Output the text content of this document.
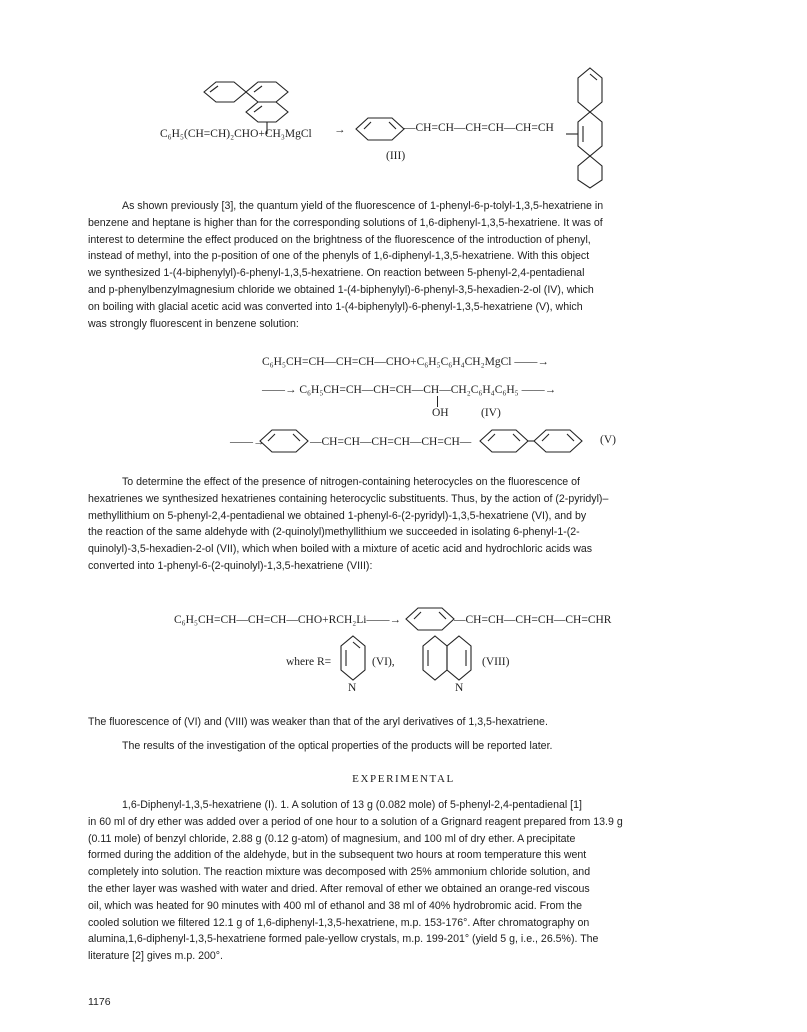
C₆H₅(CH=CH)₂CHO+CH₃MgCl →	—CH=CH—CH=CH—CH=CH
(III)
As shown previously [3], the quantum yield of the fluorescence of 1-phenyl-6-p-tolyl-1,3,5-hexatriene in
benzene and heptane is higher than for the corresponding solutions of 1,6-diphenyl-1,3,5-hexatriene. It was of
interest to determine the effect produced on the brightness of the fluorescence of the introduction of phenyl,
instead of methyl, into the p-position of one of the phenyls of 1,6-diphenyl-1,3,5-hexatriene. With this object
we synthesized 1-(4-biphenylyl)-6-phenyl-1,3,5-hexatriene. On reaction between 5-phenyl-2,4-pentadienal
and p-phenylbenzylmagnesium chloride we obtained 1-(4-biphenylyl)-6-phenyl-3,5-hexadien-2-ol (IV), which
on boiling with glacial acetic acid was converted into 1-(4-biphenylyl)-6-phenyl-1,3,5-hexatriene (V), which
was strongly fluorescent in benzene solution:
C₆H₅CH=CH—CH=CH—CHO+C₆H₅C₆H₄CH₂MgCl ——→
——→ C₆H₅CH=CH—CH=CH—CH—CH₂C₆H₄C₆H₅ ——→
OH	(IV)
——→	—CH=CH—CH=CH—CH=CH—	(V)
To determine the effect of the presence of nitrogen-containing heterocycles on the fluorescence of
hexatrienes we synthesized hexatrienes containing heterocyclic substituents. Thus, by the action of (2-pyridyl)–
methyllithium on 5-phenyl-2,4-pentadienal we obtained 1-phenyl-6-(2-pyridyl)-1,3,5-hexatriene (VI), and by
the reaction of the same aldehyde with (2-quinolyl)methyllithium we succeeded in isolating 6-phenyl-1-(2-
quinolyl)-3,5-hexadien-2-ol (VII), which when boiled with a mixture of acetic acid and hydrochloric acids was
converted into 1-phenyl-6-(2-quinolyl)-1,3,5-hexatriene (VIII):
C₆H₅CH=CH—CH=CH—CHO+RCH₂Li——→	—CH=CH—CH=CH—CH=CHR
where R=
N
(VI),
N
(VIII)
The fluorescence of (VI) and (VIII) was weaker than that of the aryl derivatives of 1,3,5-hexatriene.
The results of the investigation of the optical properties of the products will be reported later.
EXPERIMENTAL
1,6-Diphenyl-1,3,5-hexatriene (I). 1. A solution of 13 g (0.082 mole) of 5-phenyl-2,4-pentadienal [1]
in 60 ml of dry ether was added over a period of one hour to a solution of a Grignard reagent prepared from 13.9 g
(0.11 mole) of benzyl chloride, 2.88 g (0.12 g-atom) of magnesium, and 100 ml of dry ether. A precipitate
formed during the addition of the aldehyde, but in the subsequent two hours at room temperature this went
completely into solution. The reaction mixture was decomposed with 25% ammonium chloride solution, and
the ether layer was washed with water and dried. After removal of ether we obtained an orange-red viscous
oil, which was heated for 90 minutes with 400 ml of ethanol and 38 ml of 40% hydrobromic acid. From the
cooled solution we filtered 12.1 g of 1,6-diphenyl-1,3,5-hexatriene, m.p. 153-176°. After chromatography on
alumina,1,6-diphenyl-1,3,5-hexatriene formed pale-yellow crystals, m.p. 199-201° (yield 5 g, i.e., 26.5%). The
literature [2] gives m.p. 200°.
1176
